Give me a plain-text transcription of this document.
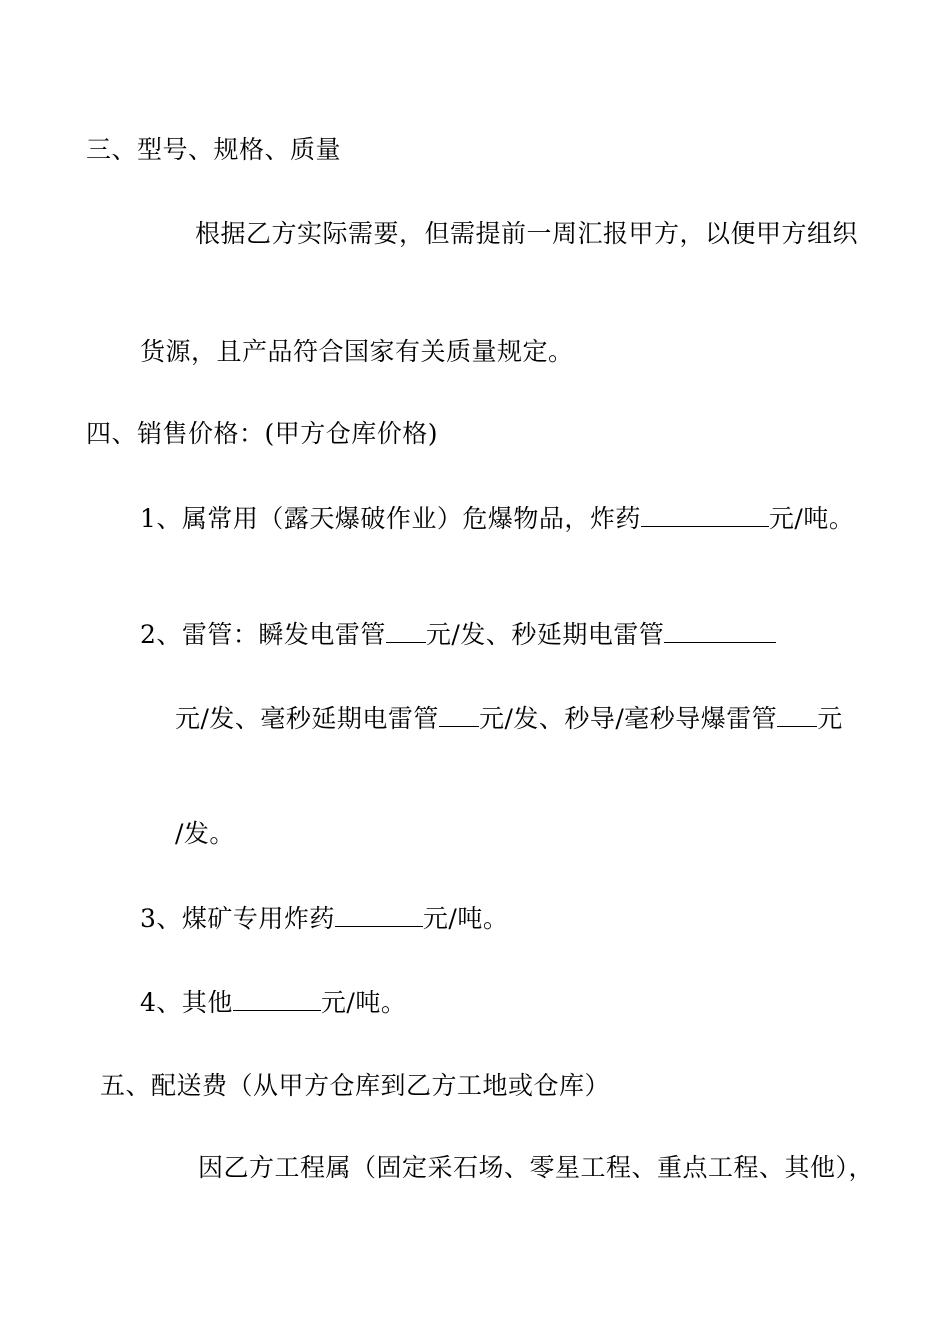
三、型号、规格、质量
根据乙方实际需要，但需提前一周汇报甲方，以便甲方组织
货源，且产品符合国家有关质量规定。
四、销售价格：(甲方仓库价格)
1、属常用（露天爆破作业）危爆物品，炸药	元/吨。
2、雷管：瞬发电雷管 元/发、秒延期电雷管
元/发、毫秒延期电雷管 元/发、秒导/毫秒导爆雷管 元
/发。
3、煤矿专用炸药	元/吨。
4、其他	元/吨。
五、配送费（从甲方仓库到乙方工地或仓库）
因乙方工程属（固定采石场、零星工程、重点工程、其他），
